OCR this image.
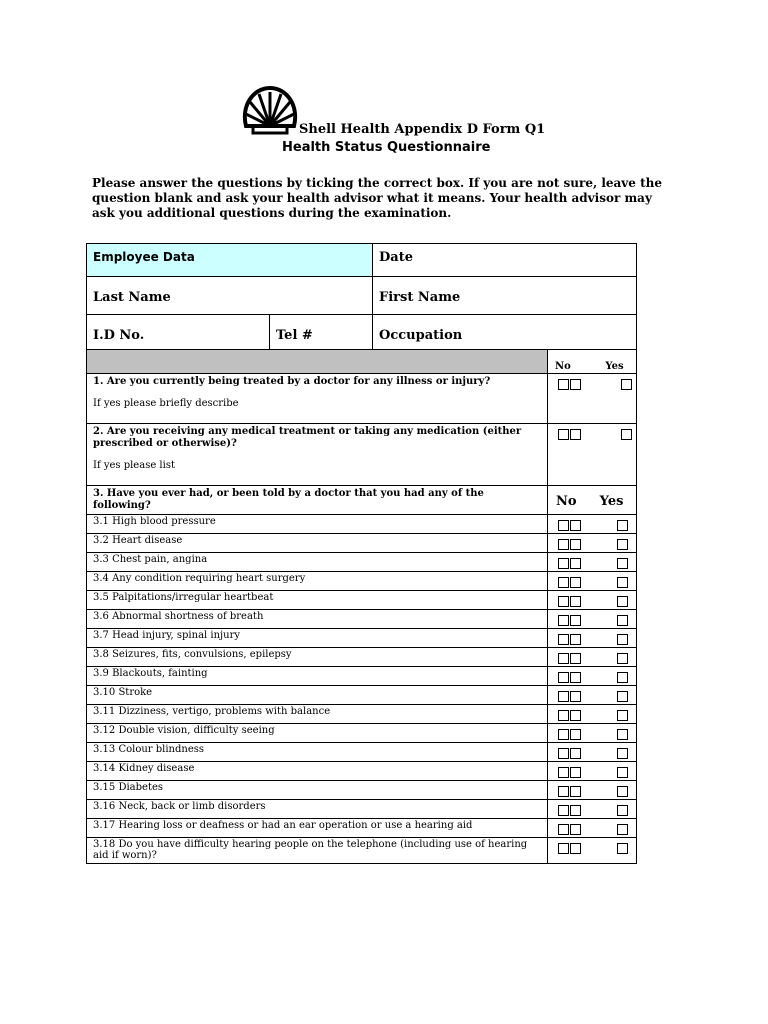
Shell Health Appendix D Form Q1
Health Status Questionnaire
Please answer the questions by ticking the correct box. If you are not sure, leave the question blank and ask your health advisor what it means. Your health advisor may ask you additional questions during the examination.
Employee Data		Date	
Last Name		First Name	
I.D No.	Tel #	Occupation	
			No Yes

1. Are you currently being treated by a doctor for any illness or injury?
If yes please briefly describe			

2. Are you receiving any medical treatment or taking any medication (either prescribed or otherwise)?
If yes please list			

3. Have you ever had, or been told by a doctor that you had any of the following?			No Yes
3.1 High blood pressure			
3.2 Heart disease			
3.3 Chest pain, angina			
3.4 Any condition requiring heart surgery			
3.5 Palpitations/irregular heartbeat			
3.6 Abnormal shortness of breath			
3.7 Head injury, spinal injury			
3.8 Seizures, fits, convulsions, epilepsy			
3.9 Blackouts, fainting			
3.10 Stroke			
3.11 Dizziness, vertigo, problems with balance			
3.12 Double vision, difficulty seeing			
3.13 Colour blindness			
3.14 Kidney disease			
3.15 Diabetes			
3.16 Neck, back or limb disorders			
3.17 Hearing loss or deafness or had an ear operation or use a hearing aid			
3.18 Do you have difficulty hearing people on the telephone (including use of hearing aid if worn)?			
